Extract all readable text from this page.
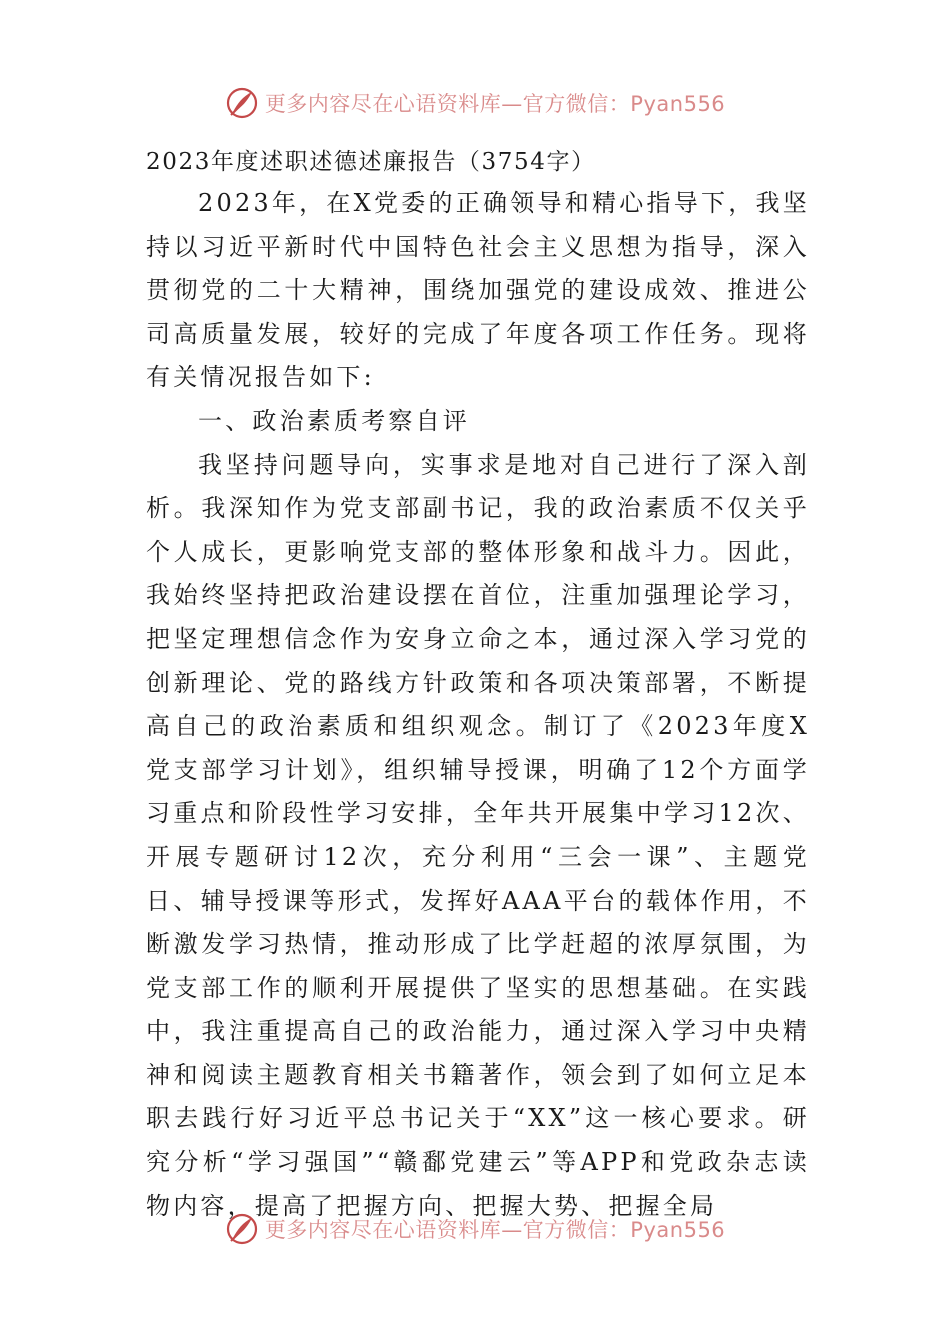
更多内容尽在心语资料库—官方微信：Pyan556

2023年度述职述德述廉报告（3754字）

2023年，在X党委的正确领导和精心指导下，我坚持以习近平新时代中国特色社会主义思想为指导，深入贯彻党的二十大精神，围绕加强党的建设成效、推进公司高质量发展，较好的完成了年度各项工作任务。现将有关情况报告如下:

一、政治素质考察自评

我坚持问题导向，实事求是地对自己进行了深入剖析。我深知作为党支部副书记，我的政治素质不仅关乎个人成长，更影响党支部的整体形象和战斗力。因此，我始终坚持把政治建设摆在首位，注重加强理论学习，把坚定理想信念作为安身立命之本，通过深入学习党的创新理论、党的路线方针政策和各项决策部署，不断提高自己的政治素质和组织观念。制订了《2023年度X党支部学习计划》，组织辅导授课，明确了12个方面学习重点和阶段性学习安排，全年共开展集中学习12次、开展专题研讨12次，充分利用“三会一课”、主题党日、辅导授课等形式，发挥好AAA平台的载体作用，不断激发学习热情，推动形成了比学赶超的浓厚氛围，为党支部工作的顺利开展提供了坚实的思想基础。在实践中，我注重提高自己的政治能力，通过深入学习中央精神和阅读主题教育相关书籍著作，领会到了如何立足本职去践行好习近平总书记关于“XX”这一核心要求。研究分析“学习强国”“赣鄱党建云”等APP和党政杂志读物内容，提高了把握方向、把握大势、把握全局

更多内容尽在心语资料库—官方微信：Pyan556
